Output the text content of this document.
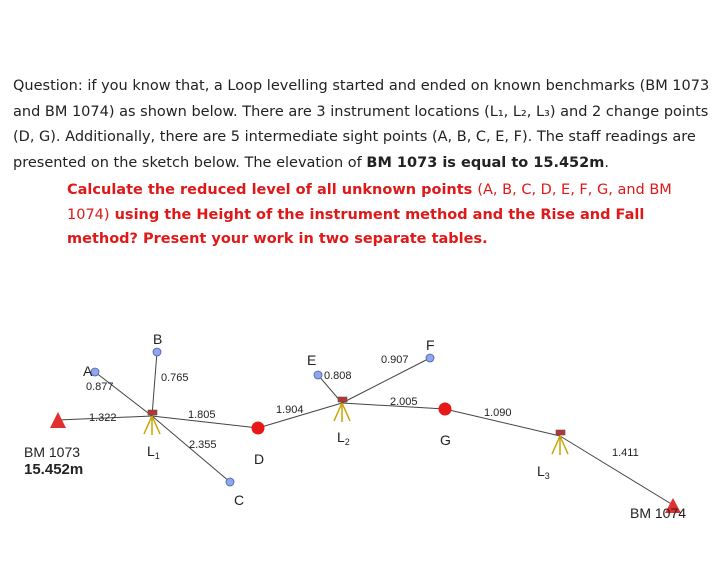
Question: if you know that, a Loop levelling started and ended on known benchmarks (BM 1073 and BM 1074) as shown below. There are 3 instrument locations (L₁, L₂, L₃) and 2 change points (D, G). Additionally, there are 5 intermediate sight points (A, B, C, E, F). The staff readings are presented on the sketch below. The elevation of BM 1073 is equal to 15.452m.
Calculate the reduced level of all unknown points (A, B, C, D, E, F, G, and BM 1074) using the Height of the instrument method and the Rise and Fall method? Present your work in two separate tables.
A
B
C
D
E
F
G
$L_1$
$L_2$
$L_3$
1.322
0.877
0.765
1.805
2.355
1.904
0.808
0.907
2.005
1.090
1.411
BM 1073
15.452m
BM 1074
